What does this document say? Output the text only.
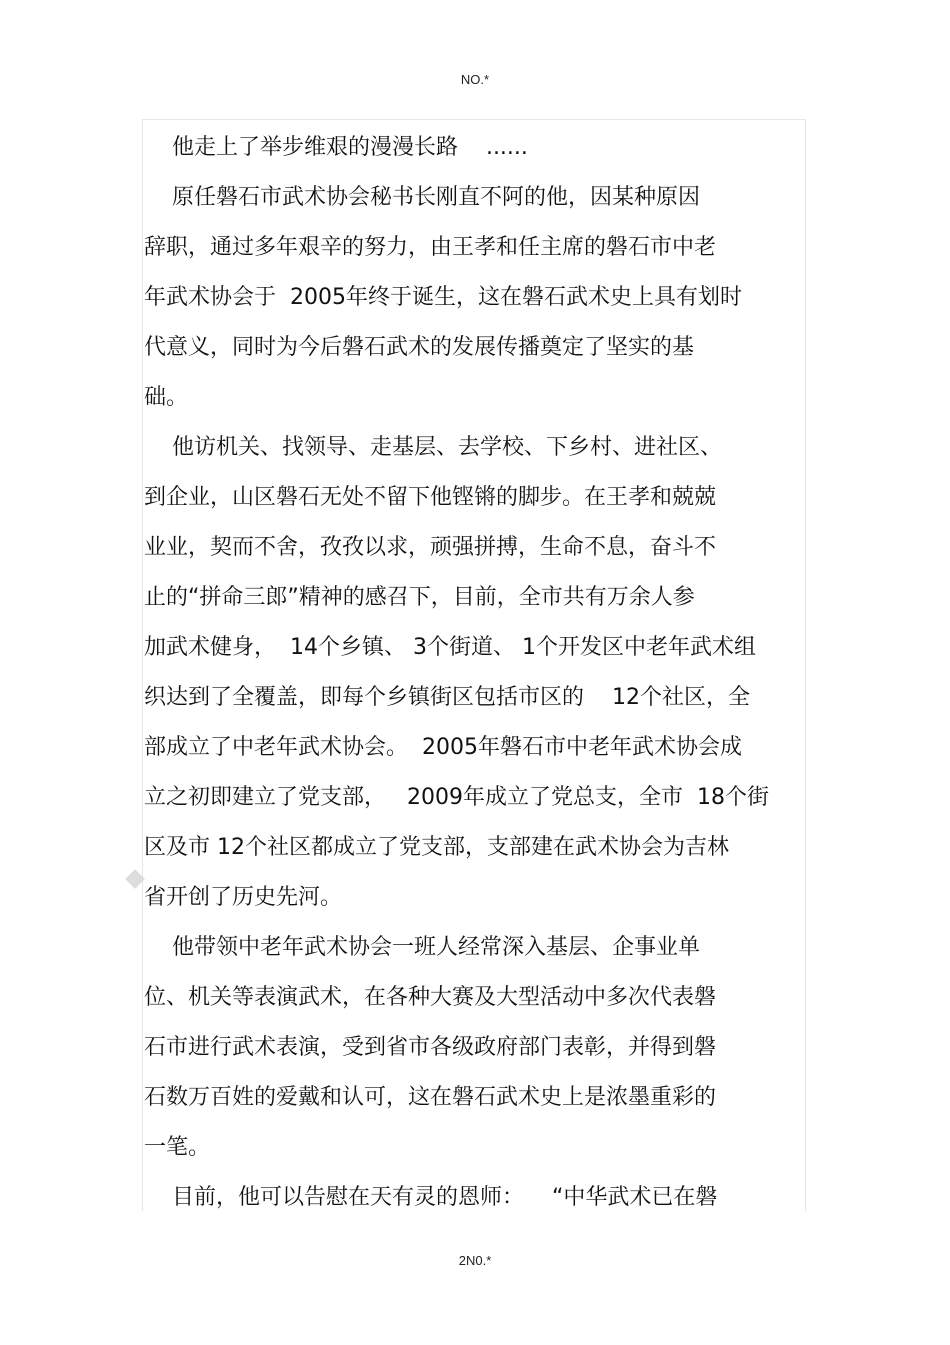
NO.*
他走上了举步维艰的漫漫长路    ......
原任磐石市武术协会秘书长刚直不阿的他，因某种原因
辞职，通过多年艰辛的努力，由王孝和任主席的磐石市中老
年武术协会于  2005年终于诞生，这在磐石武术史上具有划时
代意义，同时为今后磐石武术的发展传播奠定了坚实的基
础。
他访机关、找领导、走基层、去学校、下乡村、进社区、
到企业，山区磐石无处不留下他铿锵的脚步。在王孝和兢兢
业业，契而不舍，孜孜以求，顽强拼搏，生命不息，奋斗不
止的“拼命三郎”精神的感召下，目前，全市共有万余人参
加武术健身，  14个乡镇、 3个街道、 1个开发区中老年武术组
织达到了全覆盖，即每个乡镇街区包括市区的    12个社区，全
部成立了中老年武术协会。  2005年磐石市中老年武术协会成
立之初即建立了党支部，   2009年成立了党总支，全市  18个街
区及市 12个社区都成立了党支部，支部建在武术协会为吉林
省开创了历史先河。
他带领中老年武术协会一班人经常深入基层、企事业单
位、机关等表演武术，在各种大赛及大型活动中多次代表磐
石市进行武术表演，受到省市各级政府部门表彰，并得到磐
石数万百姓的爱戴和认可，这在磐石武术史上是浓墨重彩的
一笔。
目前，他可以告慰在天有灵的恩师：    “中华武术已在磐
2N0.*
